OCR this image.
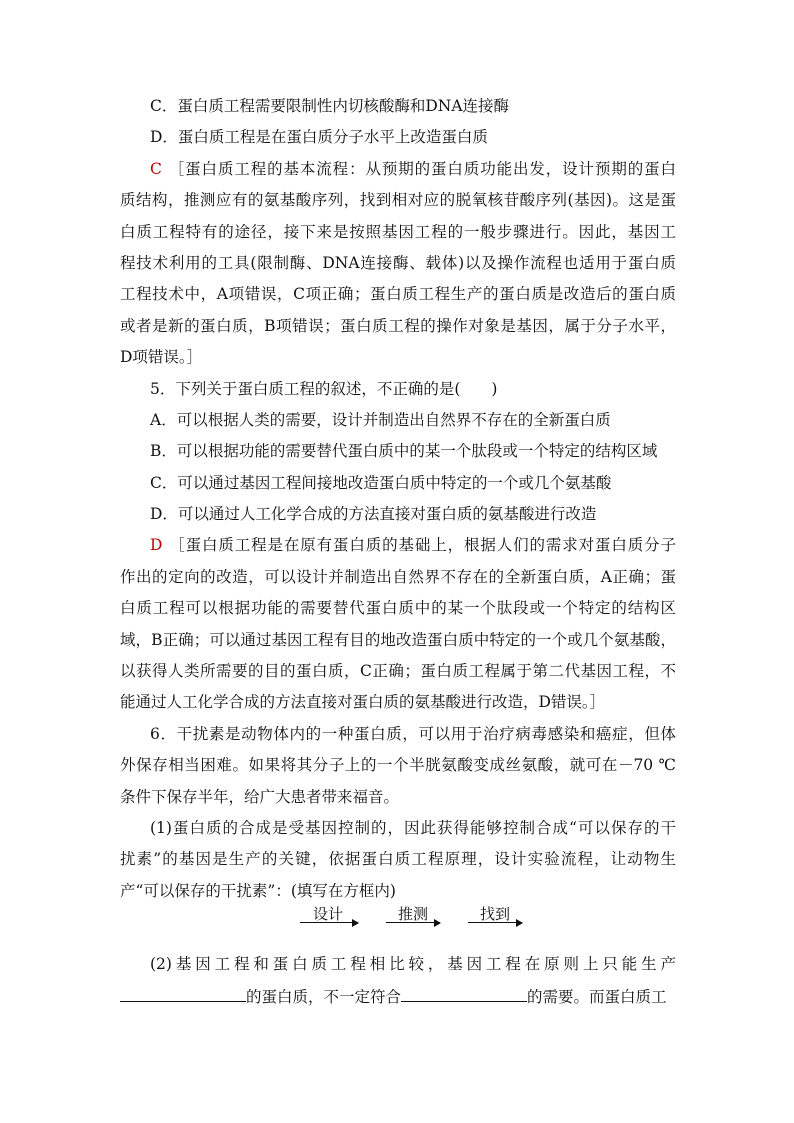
C．蛋白质工程需要限制性内切核酸酶和DNA连接酶
D．蛋白质工程是在蛋白质分子水平上改造蛋白质
C ［蛋白质工程的基本流程：从预期的蛋白质功能出发，设计预期的蛋白
质结构，推测应有的氨基酸序列，找到相对应的脱氧核苷酸序列(基因)。这是蛋
白质工程特有的途径，接下来是按照基因工程的一般步骤进行。因此，基因工
程技术利用的工具(限制酶、DNA连接酶、载体)以及操作流程也适用于蛋白质
工程技术中，A项错误，C项正确；蛋白质工程生产的蛋白质是改造后的蛋白质
或者是新的蛋白质，B项错误；蛋白质工程的操作对象是基因，属于分子水平，
D项错误。］
5．下列关于蛋白质工程的叙述，不正确的是(　　)
A．可以根据人类的需要，设计并制造出自然界不存在的全新蛋白质
B．可以根据功能的需要替代蛋白质中的某一个肽段或一个特定的结构区域
C．可以通过基因工程间接地改造蛋白质中特定的一个或几个氨基酸
D．可以通过人工化学合成的方法直接对蛋白质的氨基酸进行改造
D ［蛋白质工程是在原有蛋白质的基础上，根据人们的需求对蛋白质分子
作出的定向的改造，可以设计并制造出自然界不存在的全新蛋白质，A正确；蛋
白质工程可以根据功能的需要替代蛋白质中的某一个肽段或一个特定的结构区
域，B正确；可以通过基因工程有目的地改造蛋白质中特定的一个或几个氨基酸，
以获得人类所需要的目的蛋白质，C正确；蛋白质工程属于第二代基因工程，不
能通过人工化学合成的方法直接对蛋白质的氨基酸进行改造，D错误。］
6．干扰素是动物体内的一种蛋白质，可以用于治疗病毒感染和癌症，但体
外保存相当困难。如果将其分子上的一个半胱氨酸变成丝氨酸，就可在－70 ℃
条件下保存半年，给广大患者带来福音。
(1)蛋白质的合成是受基因控制的，因此获得能够控制合成“可以保存的干
扰素”的基因是生产的关键，依据蛋白质工程原理，设计实验流程，让动物生
产“可以保存的干扰素”：(填写在方框内)
设计	推测	找到
(2)基因工程和蛋白质工程相比较，基因工程在原则上只能生产
的蛋白质，不一定符合	的需要。而蛋白质工
